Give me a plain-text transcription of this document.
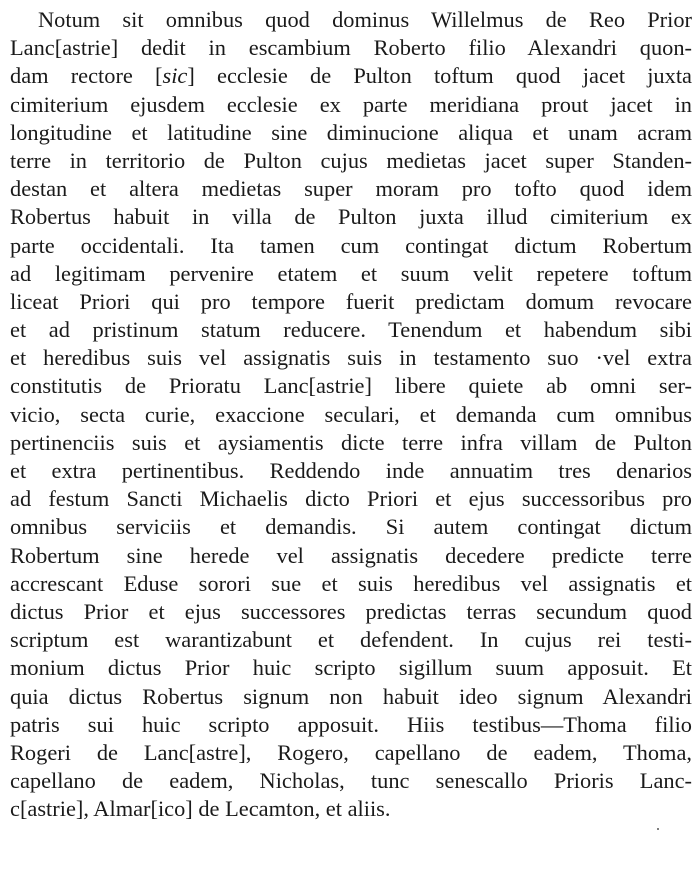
Notum sit omnibus quod dominus Willelmus de Reo Prior
Lanc[astrie] dedit in escambium Roberto filio Alexandri quon-
dam rectore [sic] ecclesie de Pulton toftum quod jacet juxta
cimiterium ejusdem ecclesie ex parte meridiana prout jacet in
longitudine et latitudine sine diminucione aliqua et unam acram
terre in territorio de Pulton cujus medietas jacet super Standen-
destan et altera medietas super moram pro tofto quod idem
Robertus habuit in villa de Pulton juxta illud cimiterium ex
parte occidentali. Ita tamen cum contingat dictum Robertum
ad legitimam pervenire etatem et suum velit repetere toftum
liceat Priori qui pro tempore fuerit predictam domum revocare
et ad pristinum statum reducere. Tenendum et habendum sibi
et heredibus suis vel assignatis suis in testamento suo ·vel extra
constitutis de Prioratu Lanc[astrie] libere quiete ab omni ser-
vicio, secta curie, exaccione seculari, et demanda cum omnibus
pertinenciis suis et aysiamentis dicte terre infra villam de Pulton
et extra pertinentibus. Reddendo inde annuatim tres denarios
ad festum Sancti Michaelis dicto Priori et ejus successoribus pro
omnibus serviciis et demandis. Si autem contingat dictum
Robertum sine herede vel assignatis decedere predicte terre
accrescant Eduse sorori sue et suis heredibus vel assignatis et
dictus Prior et ejus successores predictas terras secundum quod
scriptum est warantizabunt et defendent. In cujus rei testi-
monium dictus Prior huic scripto sigillum suum apposuit. Et
quia dictus Robertus signum non habuit ideo signum Alexandri
patris sui huic scripto apposuit. Hiis testibus—Thoma filio
Rogeri de Lanc[astre], Rogero, capellano de eadem, Thoma,
capellano de eadem, Nicholas, tunc senescallo Prioris Lanc-
c[astrie], Almar[ico] de Lecamton, et aliis.
